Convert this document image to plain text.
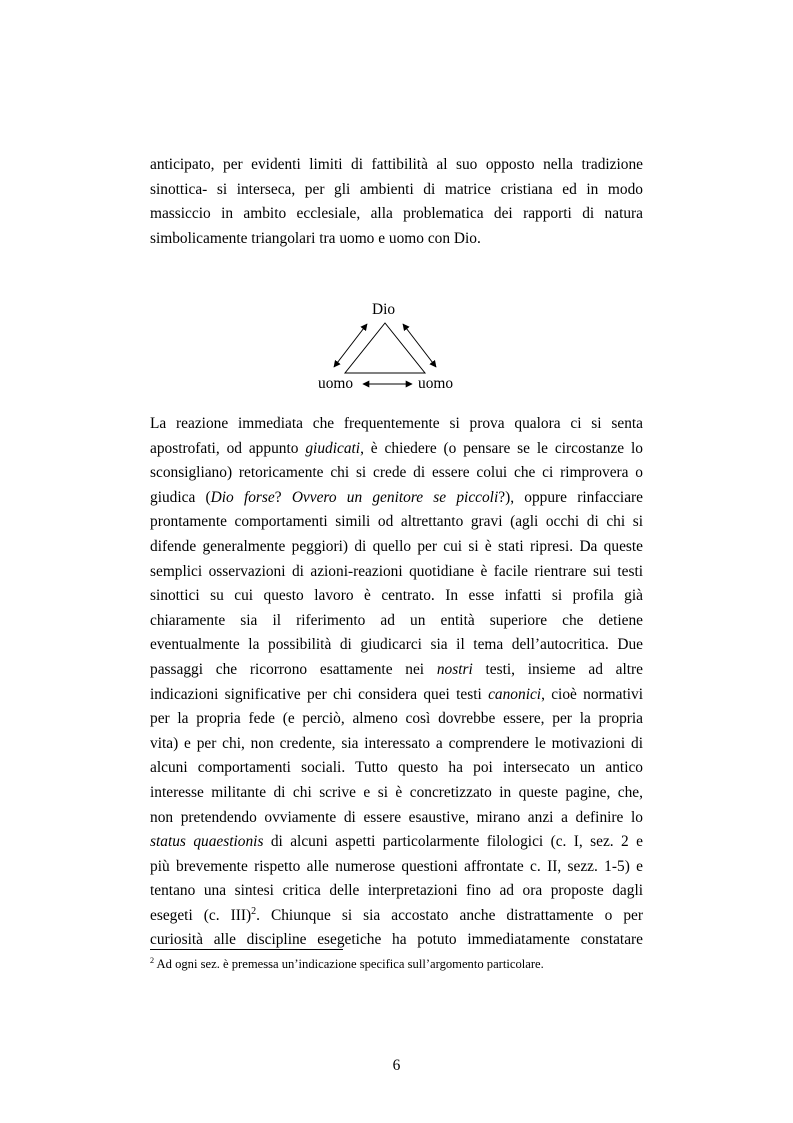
anticipato, per evidenti limiti di fattibilità al suo opposto nella tradizione
sinottica- si interseca, per gli ambienti di matrice cristiana ed in modo
massiccio in ambito ecclesiale, alla problematica dei rapporti di natura
simbolicamente triangolari tra uomo e uomo con Dio.
Dio
uomo	uomo
La reazione immediata che frequentemente si prova qualora ci si senta
apostrofati, od appunto giudicati, è chiedere (o pensare se le circostanze lo
sconsigliano) retoricamente chi si crede di essere colui che ci rimprovera o
giudica (Dio forse? Ovvero un genitore se piccoli?), oppure rinfacciare
prontamente comportamenti simili od altrettanto gravi (agli occhi di chi si
difende generalmente peggiori) di quello per cui si è stati ripresi. Da queste
semplici osservazioni di azioni-reazioni quotidiane è facile rientrare sui testi
sinottici su cui questo lavoro è centrato. In esse infatti si profila già
chiaramente sia il riferimento ad un entità superiore che detiene
eventualmente la possibilità di giudicarci sia il tema dell’autocritica. Due
passaggi che ricorrono esattamente nei nostri testi, insieme ad altre
indicazioni significative per chi considera quei testi canonici, cioè normativi
per la propria fede (e perciò, almeno così dovrebbe essere, per la propria
vita) e per chi, non credente, sia interessato a comprendere le motivazioni di
alcuni comportamenti sociali. Tutto questo ha poi intersecato un antico
interesse militante di chi scrive e si è concretizzato in queste pagine, che,
non pretendendo ovviamente di essere esaustive, mirano anzi a definire lo
status quaestionis di alcuni aspetti particolarmente filologici (c. I, sez. 2 e
più brevemente rispetto alle numerose questioni affrontate c. II, sezz. 1-5) e
tentano una sintesi critica delle interpretazioni fino ad ora proposte dagli
esegeti (c. III)$^2$. Chiunque si sia accostato anche distrattamente o per
curiosità alle discipline esegetiche ha potuto immediatamente constatare
$^2$ Ad ogni sez. è premessa un’indicazione specifica sull’argomento particolare.
6
